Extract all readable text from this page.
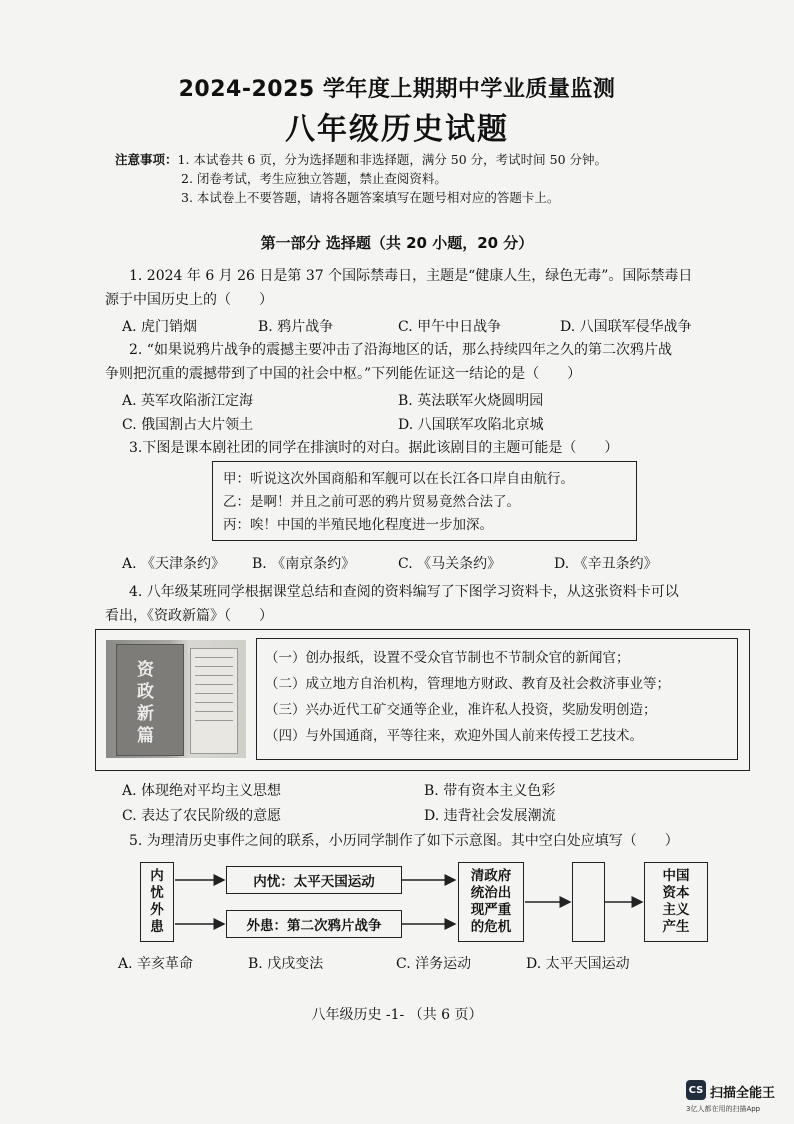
2024-2025 学年度上期期中学业质量监测
八年级历史试题
注意事项：1. 本试卷共 6 页，分为选择题和非选择题，满分 50 分，考试时间 50 分钟。
2. 闭卷考试，考生应独立答题，禁止查阅资料。
3. 本试卷上不要答题，请将各题答案填写在题号相对应的答题卡上。
第一部分 选择题（共 20 小题，20 分）
1. 2024 年 6 月 26 日是第 37 个国际禁毒日，主题是“健康人生，绿色无毒”。国际禁毒日
源于中国历史上的（　　）
A. 虎门销烟	B. 鸦片战争	C. 甲午中日战争	D. 八国联军侵华战争
2. “如果说鸦片战争的震撼主要冲击了沿海地区的话，那么持续四年之久的第二次鸦片战
争则把沉重的震撼带到了中国的社会中枢。”下列能佐证这一结论的是（　　）
A. 英军攻陷浙江定海	B. 英法联军火烧圆明园
C. 俄国割占大片领土	D. 八国联军攻陷北京城
3.下图是课本剧社团的同学在排演时的对白。据此该剧目的主题可能是（　　）
甲：听说这次外国商船和军舰可以在长江各口岸自由航行。
乙：是啊！并且之前可恶的鸦片贸易竟然合法了。
丙：唉！中国的半殖民地化程度进一步加深。
A. 《天津条约》 B. 《南京条约》	C. 《马关条约》	D. 《辛丑条约》
4. 八年级某班同学根据课堂总结和查阅的资料编写了下图学习资料卡，从这张资料卡可以
看出，《资政新篇》（　　）
资政新篇
（一）创办报纸，设置不受众官节制也不节制众官的新闻官；
（二）成立地方自治机构，管理地方财政、教育及社会救济事业等；
（三）兴办近代工矿交通等企业，准许私人投资，奖励发明创造；
（四）与外国通商，平等往来，欢迎外国人前来传授工艺技术。
A. 体现绝对平均主义思想	B. 带有资本主义色彩
C. 表达了农民阶级的意愿	D. 违背社会发展潮流
5. 为理清历史事件之间的联系，小历同学制作了如下示意图。其中空白处应填写（　　）
内忧外患
内忧：太平天国运动
外患：第二次鸦片战争
清政府统治出现严重的危机
中国资本主义产生
A. 辛亥革命	B. 戊戌变法	C. 洋务运动	D. 太平天国运动
八年级历史 -1- （共 6 页）
CS 扫描全能王
3亿人都在用的扫描App
